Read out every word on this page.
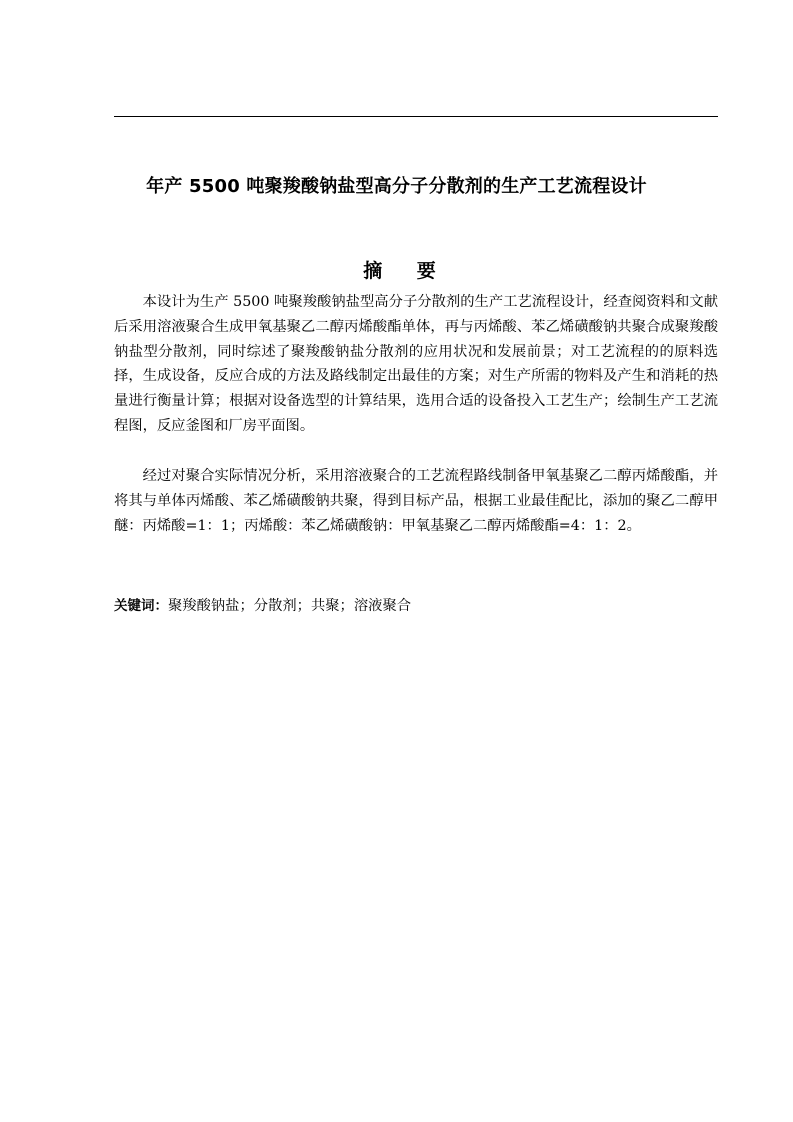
年产 5500 吨聚羧酸钠盐型高分子分散剂的生产工艺流程设计
摘 要

本设计为生产 5500 吨聚羧酸钠盐型高分子分散剂的生产工艺流程设计，经查阅资料和文献后采用溶液聚合生成甲氧基聚乙二醇丙烯酸酯单体，再与丙烯酸、苯乙烯磺酸钠共聚合成聚羧酸钠盐型分散剂，同时综述了聚羧酸钠盐分散剂的应用状况和发展前景；对工艺流程的的原料选择，生成设备，反应合成的方法及路线制定出最佳的方案；对生产所需的物料及产生和消耗的热量进行衡量计算；根据对设备选型的计算结果，选用合适的设备投入工艺生产；绘制生产工艺流程图，反应釜图和厂房平面图。

经过对聚合实际情况分析，采用溶液聚合的工艺流程路线制备甲氧基聚乙二醇丙烯酸酯，并将其与单体丙烯酸、苯乙烯磺酸钠共聚，得到目标产品，根据工业最佳配比，添加的聚乙二醇甲醚：丙烯酸=1：1；丙烯酸：苯乙烯磺酸钠：甲氧基聚乙二醇丙烯酸酯=4：1：2。

关键词：聚羧酸钠盐；分散剂；共聚；溶液聚合
